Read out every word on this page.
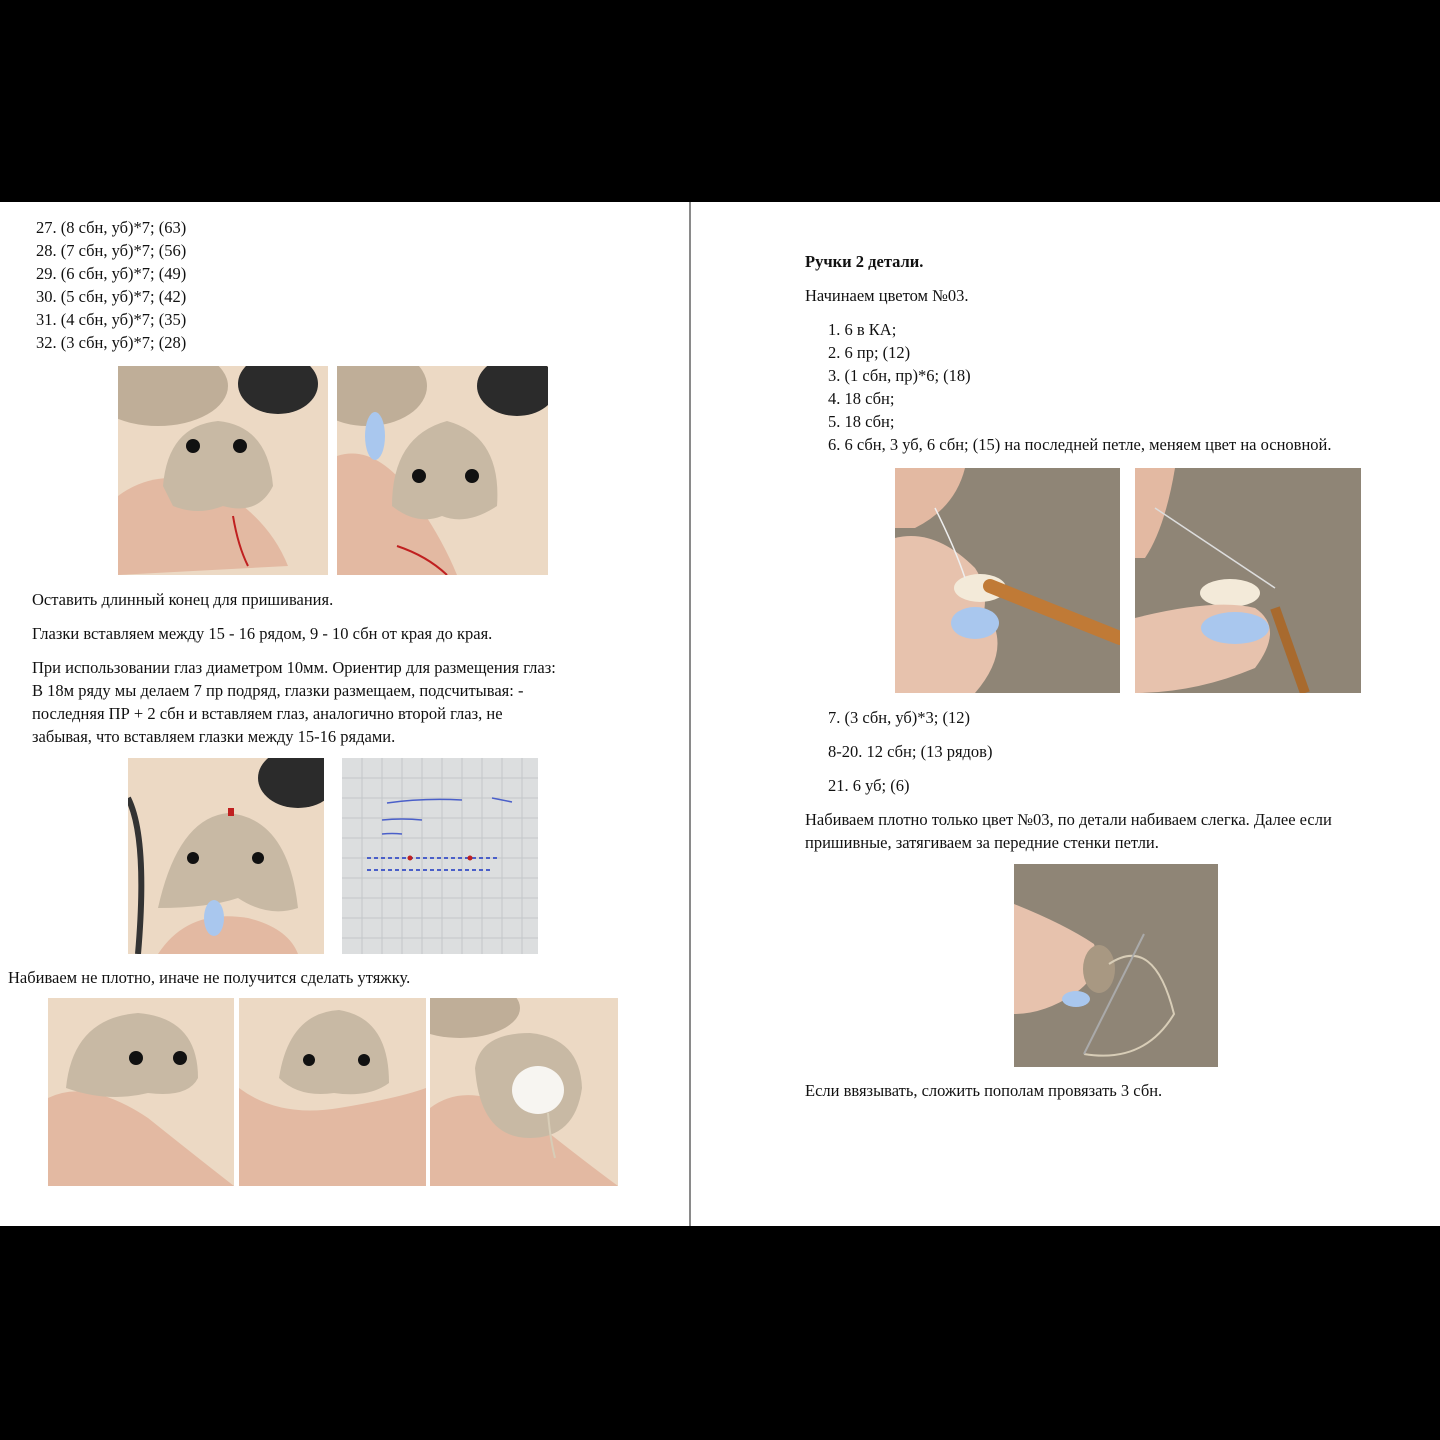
27. (8 сбн, уб)*7; (63)
28. (7 сбн, уб)*7; (56)
29. (6 сбн, уб)*7; (49)
30. (5 сбн, уб)*7; (42)
31. (4 сбн, уб)*7; (35)
32. (3 сбн, уб)*7; (28)
Оставить длинный конец для пришивания.
Глазки вставляем между 15 - 16 рядом, 9 - 10 сбн от края до края.
При использовании глаз диаметром 10мм. Ориентир для размещения глаз:
В 18м ряду мы делаем 7 пр подряд, глазки размещаем, подсчитывая: -
последняя ПР + 2 сбн и вставляем глаз, аналогично второй глаз, не
забывая, что вставляем глазки между 15-16 рядами.
Набиваем не плотно, иначе не получится сделать утяжку.
Ручки 2 детали.
Начинаем цветом №03.
1. 6 в КА;
2. 6 пр; (12)
3. (1 сбн, пр)*6; (18)
4. 18 сбн;
5. 18 сбн;
6. 6 сбн, 3 уб, 6 сбн; (15) на последней петле, меняем цвет на основной.
7. (3 сбн, уб)*3; (12)
8-20. 12 сбн; (13 рядов)
21. 6 уб; (6)
Набиваем плотно только цвет №03, по детали набиваем слегка. Далее если
пришивные, затягиваем за передние стенки петли.
Если ввязывать, сложить пополам провязать 3 сбн.
